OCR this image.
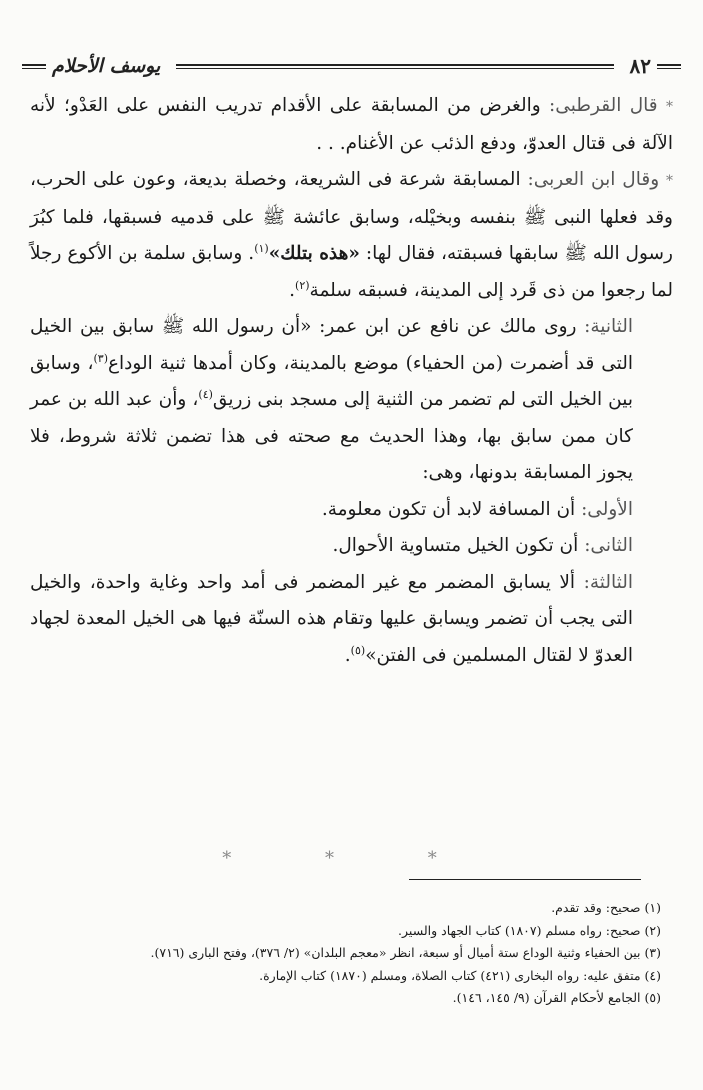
يوسف الأحلام	٨٢

* قال القرطبى: والغرض من المسابقة على الأقدام تدريب النفس على العَدْو؛ لأنه الآلة فى قتال العدوّ، ودفع الذئب عن الأغنام. . .

* وقال ابن العربى: المسابقة شرعة فى الشريعة، وخصلة بديعة، وعون على الحرب، وقد فعلها النبى ﷺ بنفسه وبخيْله، وسابق عائشة ﷺ على قدميه فسبقها، فلما كبُرَ رسول الله ﷺ سابقها فسبقته، فقال لها: «هذه بتلك»$^{(١)}$. وسابق سلمة بن الأكوع رجلاً لما رجعوا من ذى قَرد إلى المدينة، فسبقه سلمة$^{(٢)}$.

الثانية: روى مالك عن نافع عن ابن عمر: «أن رسول الله ﷺ سابق بين الخيل التى قد أضمرت (من الحفياء) موضع بالمدينة، وكان أمدها ثنية الوداع$^{(٣)}$، وسابق بين الخيل التى لم تضمر من الثنية إلى مسجد بنى زريق$^{(٤)}$، وأن عبد الله بن عمر كان ممن سابق بها، وهذا الحديث مع صحته فى هذا تضمن ثلاثة شروط، فلا يجوز المسابقة بدونها، وهى:

الأولى: أن المسافة لابد أن تكون معلومة.

الثانى: أن تكون الخيل متساوية الأحوال.

الثالثة: ألا يسابق المضمر مع غير المضمر فى أمد واحد وغاية واحدة، والخيل التى يجب أن تضمر ويسابق عليها وتقام هذه السنّة فيها هى الخيل المعدة لجهاد العدوّ لا لقتال المسلمين فى الفتن»$^{(٥)}$.

* * *
(١) صحيح: وقد تقدم.
(٢) صحيح: رواه مسلم (١٨٠٧) كتاب الجهاد والسير.
(٣) بين الحفياء وثنية الوداع ستة أميال أو سبعة، انظر «معجم البلدان» (٢/ ٣٧٦)، وفتح البارى (٧١٦).
(٤) متفق عليه: رواه البخارى (٤٢١) كتاب الصلاة، ومسلم (١٨٧٠) كتاب الإمارة.
(٥) الجامع لأحكام القرآن (٩/ ١٤٥، ١٤٦).
